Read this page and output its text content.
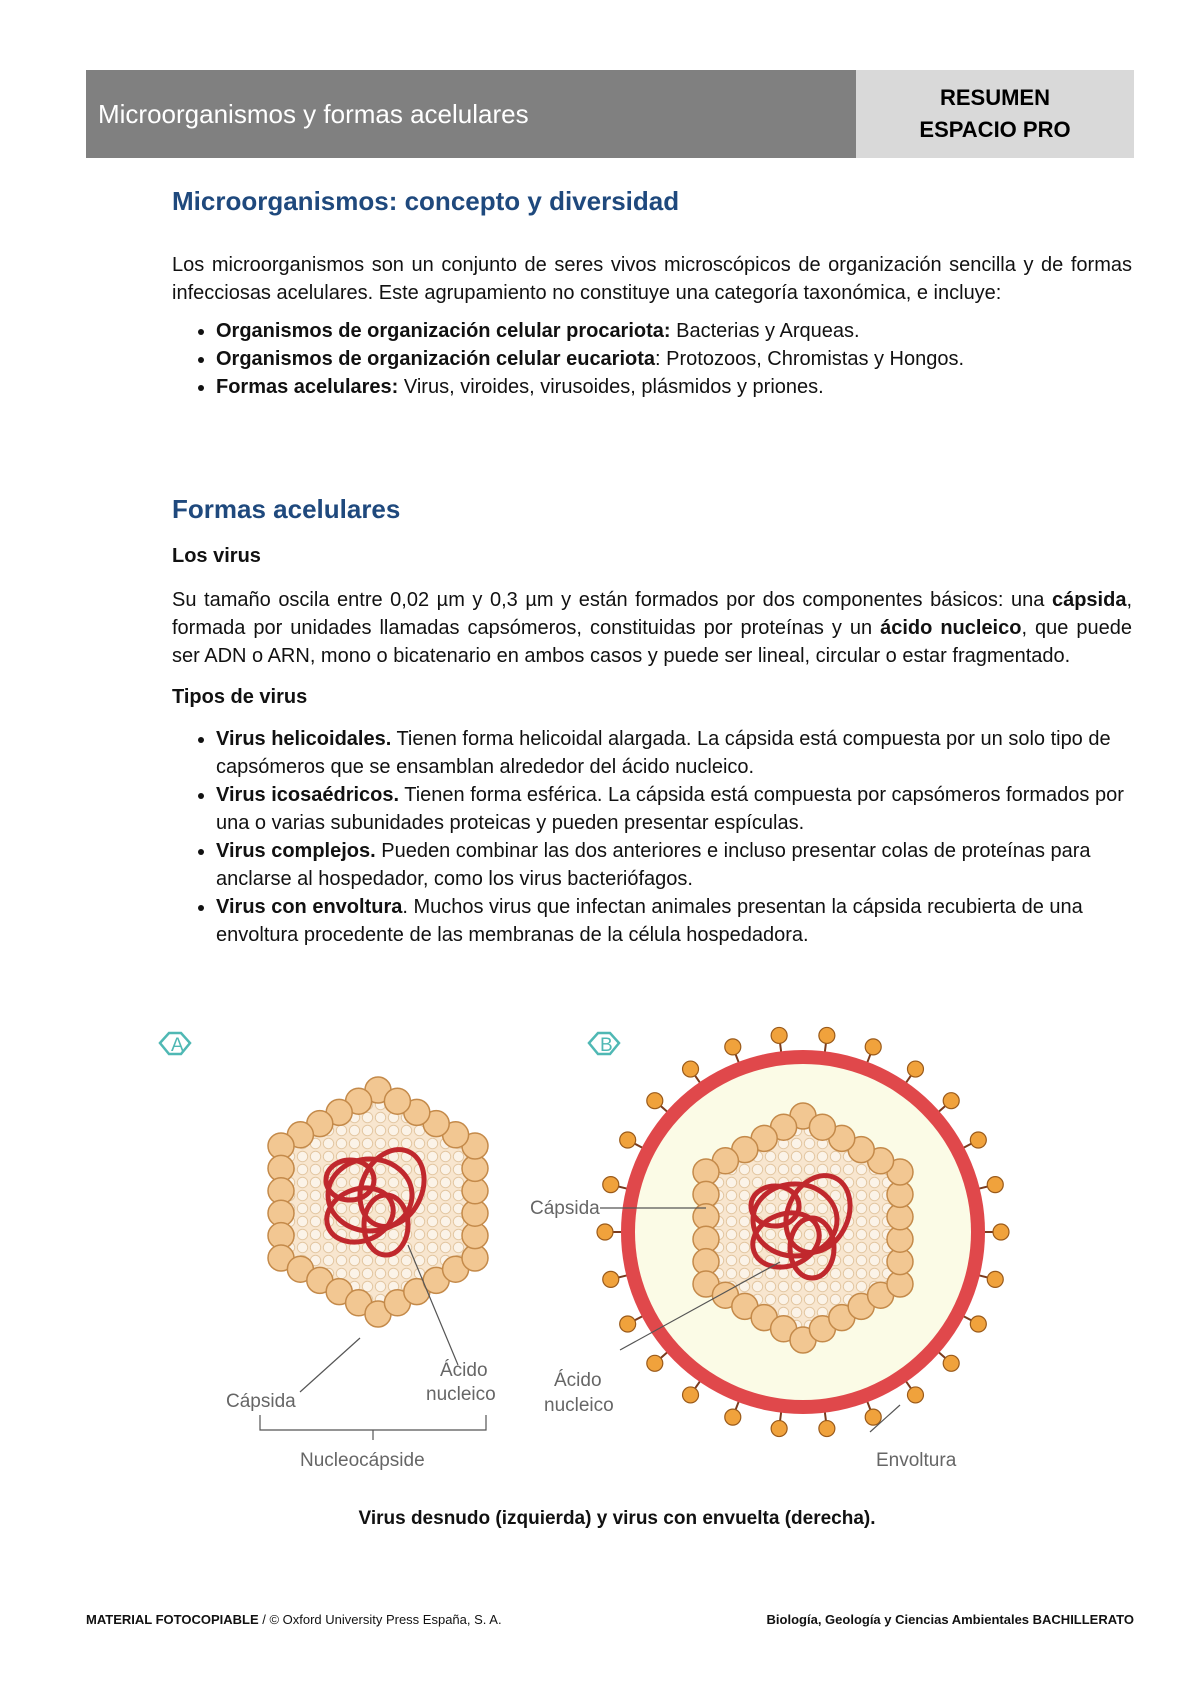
Microorganismos y formas acelulares
RESUMEN
ESPACIO PRO
Microorganismos: concepto y diversidad

Los microorganismos son un conjunto de seres vivos microscópicos de organización sencilla y de formas infecciosas acelulares. Este agrupamiento no constituye una categoría taxonómica, e incluye:

• Organismos de organización celular procariota: Bacterias y Arqueas.
• Organismos de organización celular eucariota: Protozoos, Chromistas y Hongos.
• Formas acelulares: Virus, viroides, virusoides, plásmidos y priones.
Formas acelulares
Los virus

Su tamaño oscila entre 0,02 µm y 0,3 µm y están formados por dos componentes básicos: una cápsida, formada por unidades llamadas capsómeros, constituidas por proteínas y un ácido nucleico, que puede ser ADN o ARN, mono o bicatenario en ambos casos y puede ser lineal, circular o estar fragmentado.

Tipos de virus
• Virus helicoidales. Tienen forma helicoidal alargada. La cápsida está compuesta por un solo tipo de capsómeros que se ensamblan alrededor del ácido nucleico.
• Virus icosaédricos. Tienen forma esférica. La cápsida está compuesta por capsómeros formados por una o varias subunidades proteicas y pueden presentar espículas.
• Virus complejos. Pueden combinar las dos anteriores e incluso presentar colas de proteínas para anclarse al hospedador, como los virus bacteriófagos.
• Virus con envoltura. Muchos virus que infectan animales presentan la cápsida recubierta de una envoltura procedente de las membranas de la célula hospedadora.
A	B
Cápsida
Ácido
nucleico
Nucleocápside
Cápsida
Ácido
nucleico
Envoltura
Virus desnudo (izquierda) y virus con envuelta (derecha).
MATERIAL FOTOCOPIABLE / © Oxford University Press España, S. A.	Biología, Geología y Ciencias Ambientales BACHILLERATO
